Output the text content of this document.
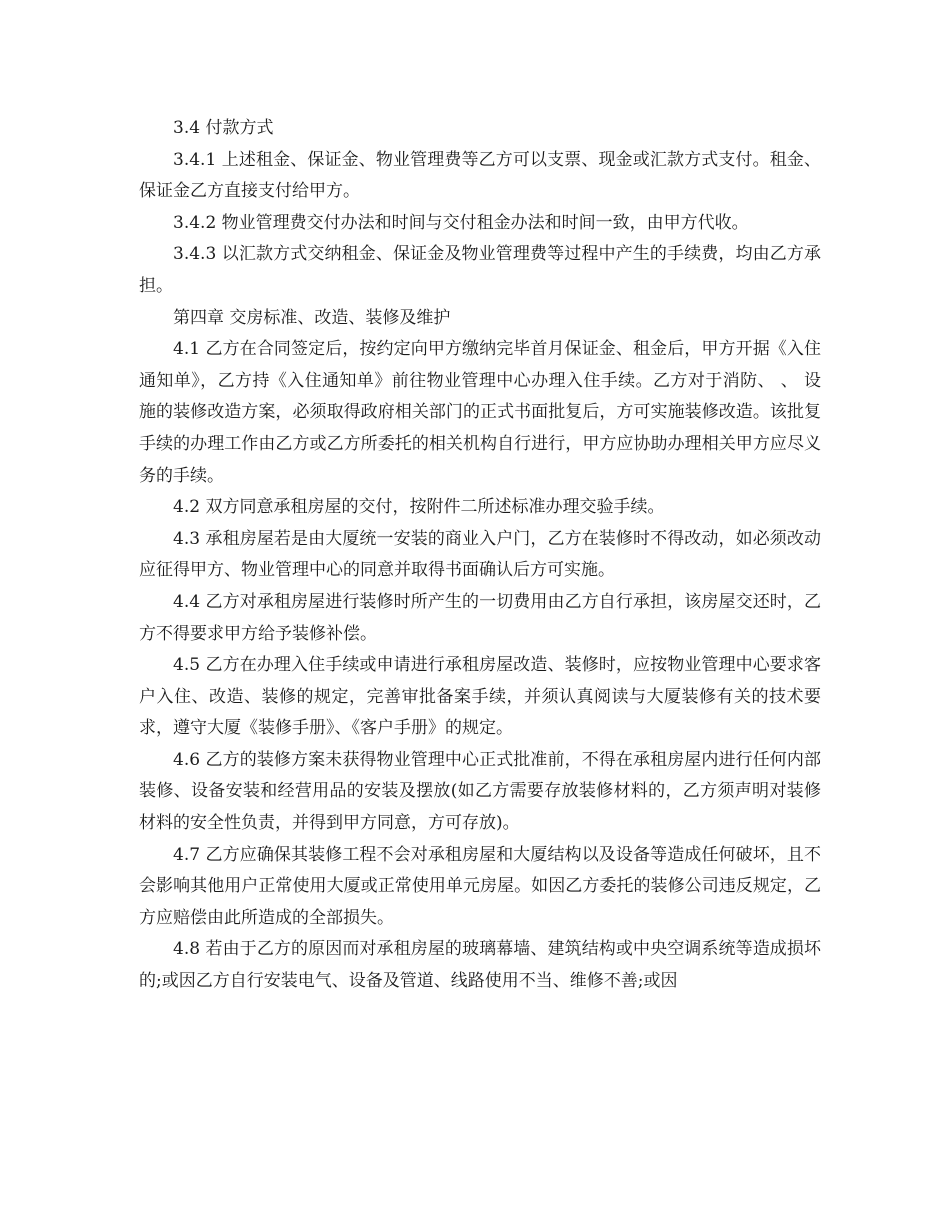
3.4 付款方式

3.4.1 上述租金、保证金、物业管理费等乙方可以支票、现金或汇款方式支付。租金、保证金乙方直接支付给甲方。

3.4.2 物业管理费交付办法和时间与交付租金办法和时间一致，由甲方代收。

3.4.3 以汇款方式交纳租金、保证金及物业管理费等过程中产生的手续费，均由乙方承担。

第四章 交房标准、改造、装修及维护

4.1 乙方在合同签定后，按约定向甲方缴纳完毕首月保证金、租金后，甲方开据《入住通知单》，乙方持《入住通知单》前往物业管理中心办理入住手续。乙方对于消防、 、 设施的装修改造方案，必须取得政府相关部门的正式书面批复后，方可实施装修改造。该批复手续的办理工作由乙方或乙方所委托的相关机构自行进行，甲方应协助办理相关甲方应尽义务的手续。

4.2 双方同意承租房屋的交付，按附件二所述标准办理交验手续。

4.3 承租房屋若是由大厦统一安装的商业入户门，乙方在装修时不得改动，如必须改动应征得甲方、物业管理中心的同意并取得书面确认后方可实施。

4.4 乙方对承租房屋进行装修时所产生的一切费用由乙方自行承担，该房屋交还时，乙方不得要求甲方给予装修补偿。

4.5 乙方在办理入住手续或申请进行承租房屋改造、装修时，应按物业管理中心要求客户入住、改造、装修的规定，完善审批备案手续，并须认真阅读与大厦装修有关的技术要求，遵守大厦《装修手册》、《客户手册》的规定。

4.6 乙方的装修方案未获得物业管理中心正式批准前，不得在承租房屋内进行任何内部装修、设备安装和经营用品的安装及摆放(如乙方需要存放装修材料的，乙方须声明对装修材料的安全性负责，并得到甲方同意，方可存放)。

4.7 乙方应确保其装修工程不会对承租房屋和大厦结构以及设备等造成任何破坏，且不会影响其他用户正常使用大厦或正常使用单元房屋。如因乙方委托的装修公司违反规定，乙方应赔偿由此所造成的全部损失。

4.8 若由于乙方的原因而对承租房屋的玻璃幕墙、建筑结构或中央空调系统等造成损坏的;或因乙方自行安装电气、设备及管道、线路使用不当、维修不善;或因
